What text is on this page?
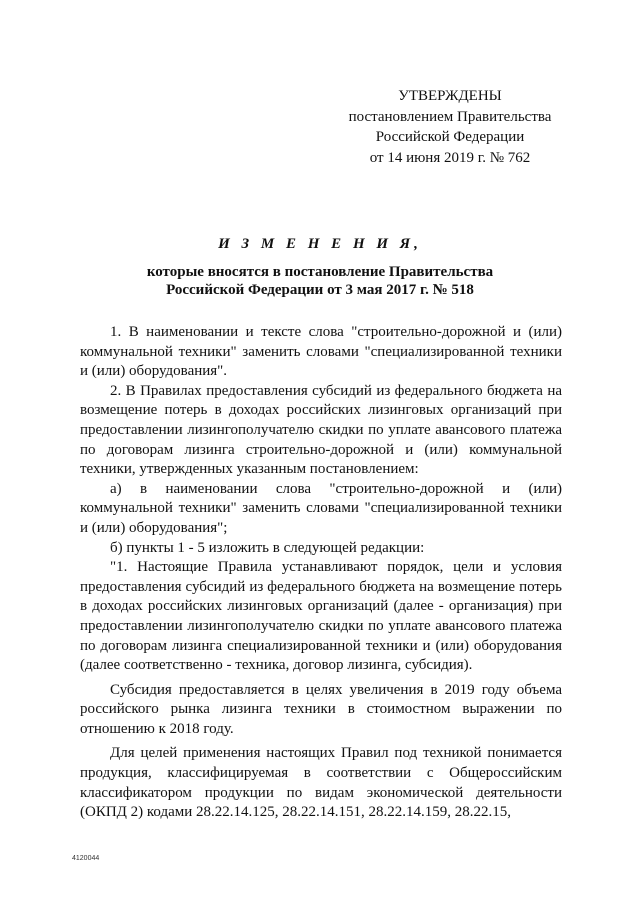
УТВЕРЖДЕНЫ
постановлением Правительства
Российской Федерации
от 14 июня 2019 г. № 762
И З М Е Н Е Н И Я,
которые вносятся в постановление Правительства
Российской Федерации от 3 мая 2017 г. № 518

1. В наименовании и тексте слова "строительно-дорожной и (или) коммунальной техники" заменить словами "специализированной техники и (или) оборудования".

2. В Правилах предоставления субсидий из федерального бюджета на возмещение потерь в доходах российских лизинговых организаций при предоставлении лизингополучателю скидки по уплате авансового платежа по договорам лизинга строительно-дорожной и (или) коммунальной техники, утвержденных указанным постановлением:

а) в наименовании слова "строительно-дорожной и (или) коммунальной техники" заменить словами "специализированной техники и (или) оборудования";

б) пункты 1 - 5 изложить в следующей редакции:

"1. Настоящие Правила устанавливают порядок, цели и условия предоставления субсидий из федерального бюджета на возмещение потерь в доходах российских лизинговых организаций (далее - организация) при предоставлении лизингополучателю скидки по уплате авансового платежа по договорам лизинга специализированной техники и (или) оборудования (далее соответственно - техника, договор лизинга, субсидия).

Субсидия предоставляется в целях увеличения в 2019 году объема российского рынка лизинга техники в стоимостном выражении по отношению к 2018 году.

Для целей применения настоящих Правил под техникой понимается продукция, классифицируемая в соответствии с Общероссийским классификатором продукции по видам экономической деятельности (ОКПД 2) кодами 28.22.14.125, 28.22.14.151, 28.22.14.159, 28.22.15,

4120044
